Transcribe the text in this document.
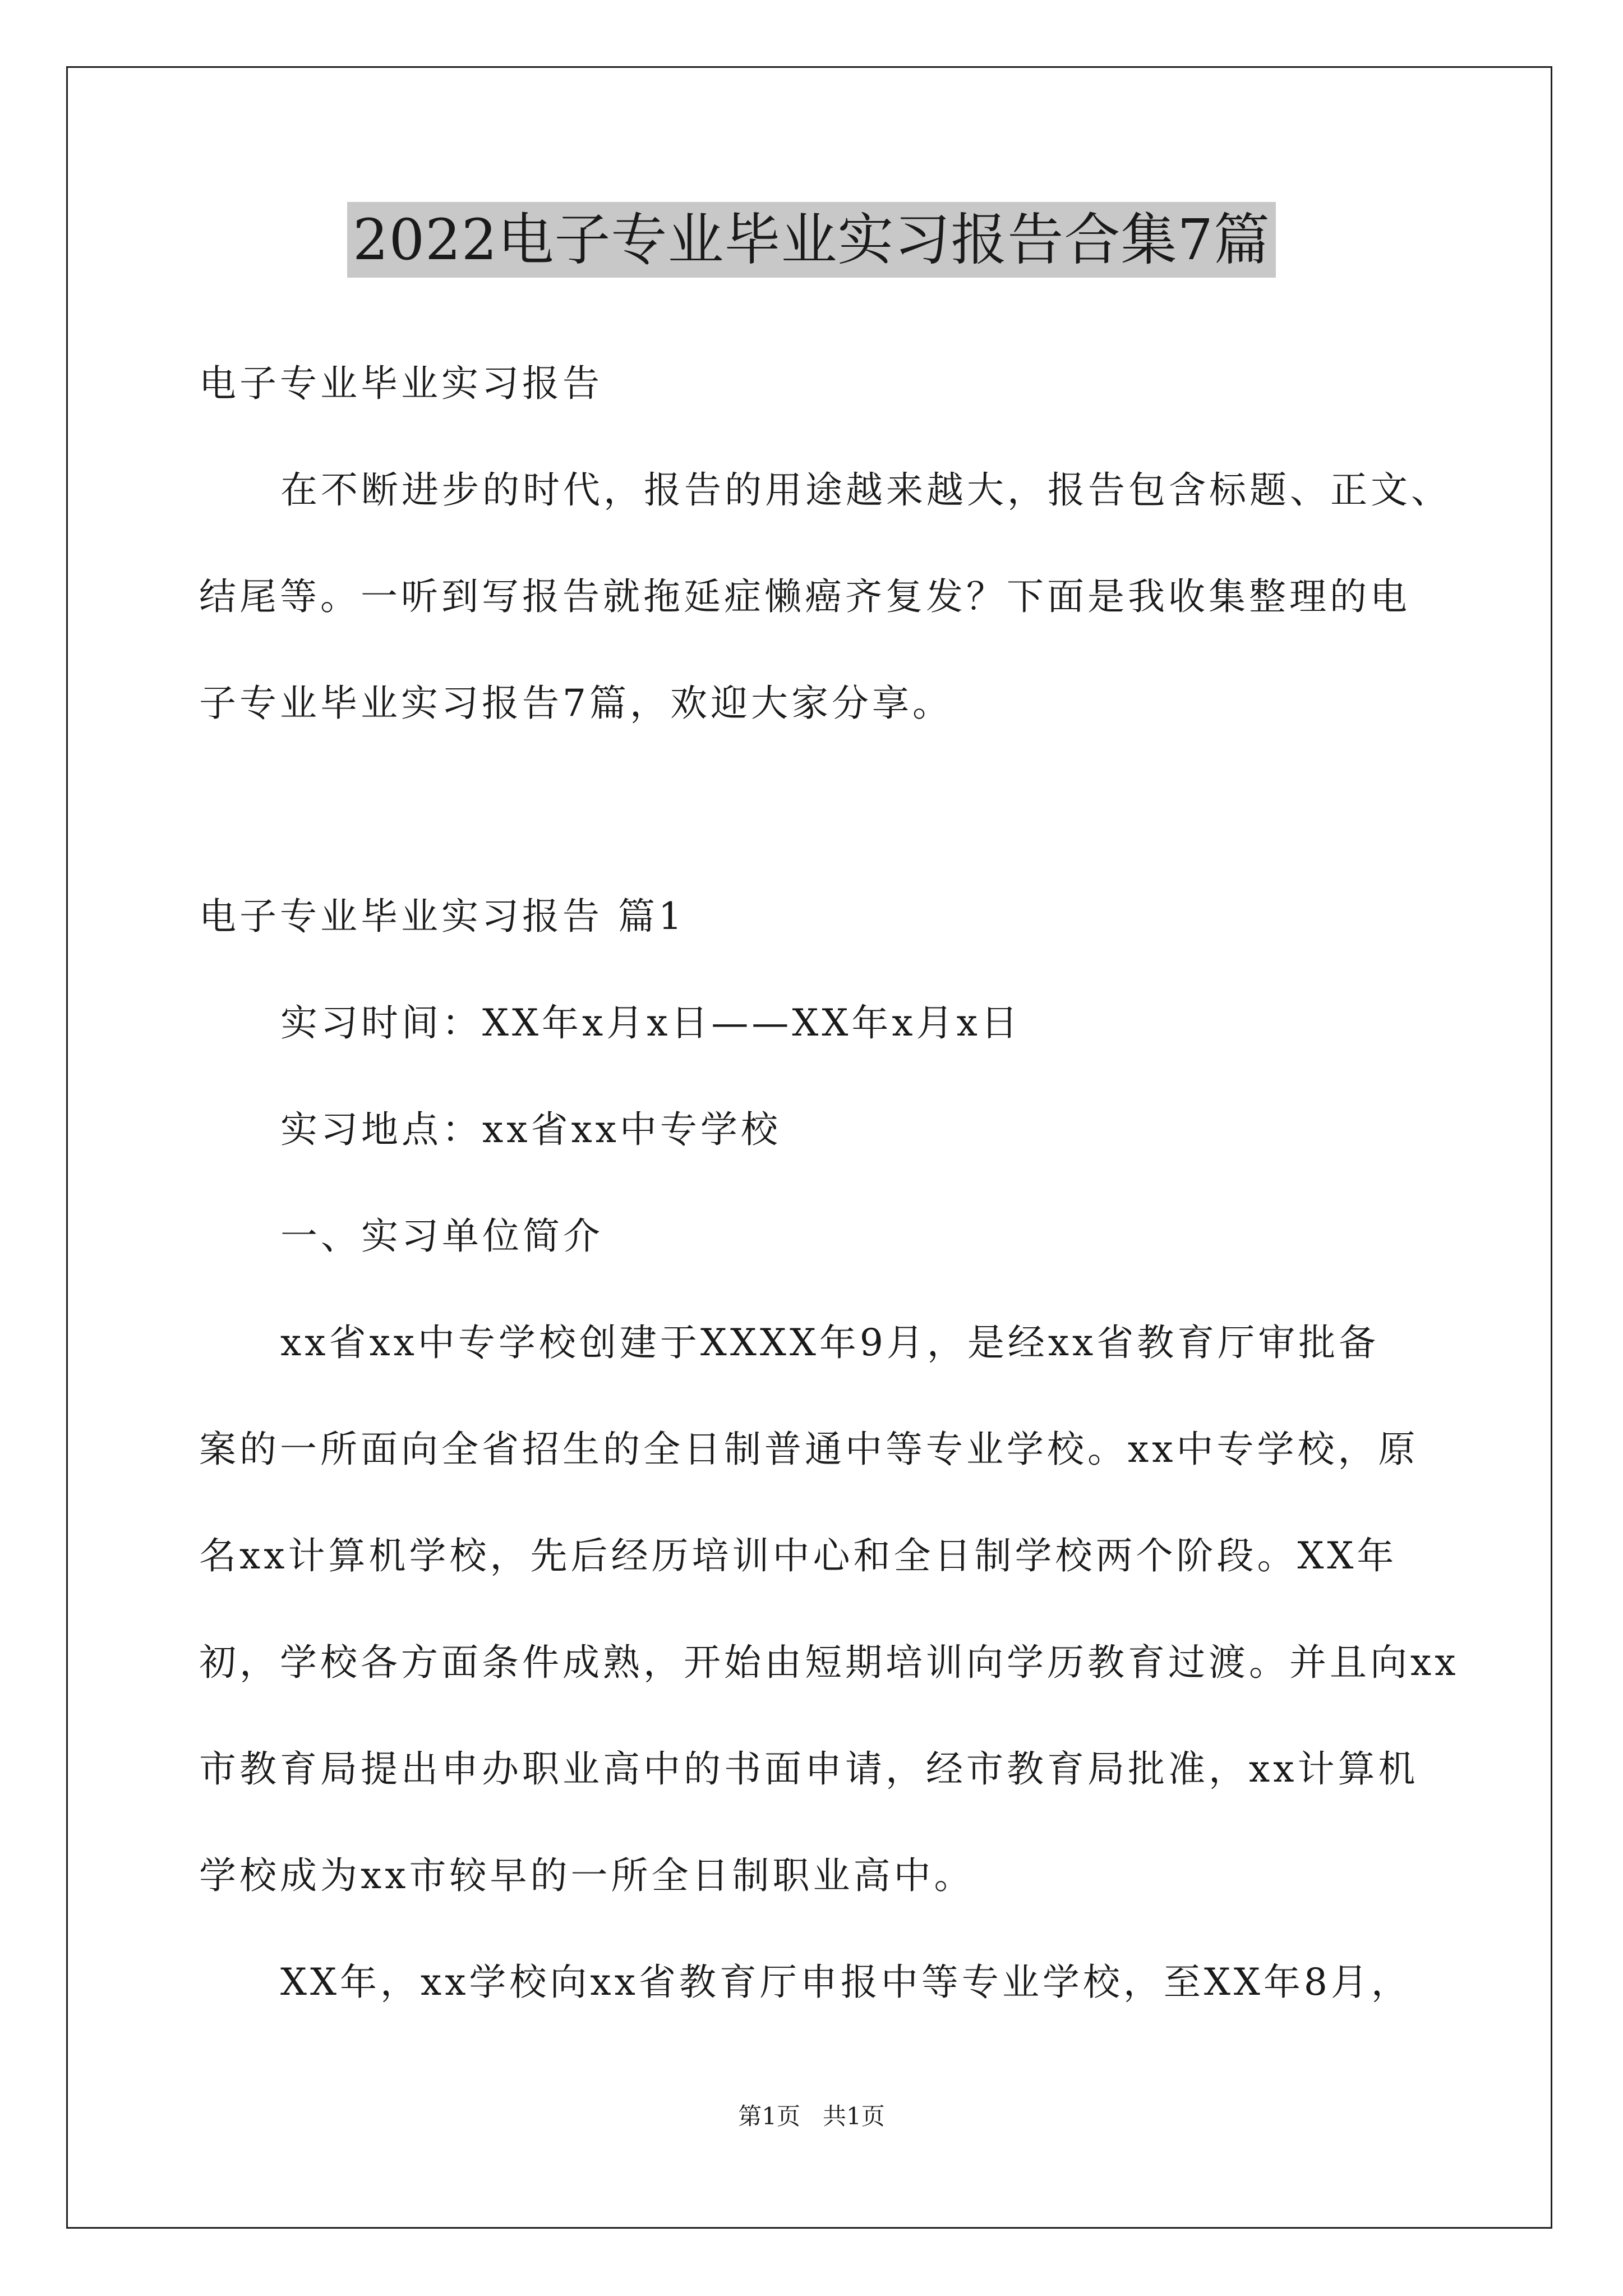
2022电子专业毕业实习报告合集7篇
电子专业毕业实习报告
在不断进步的时代，报告的用途越来越大，报告包含标题、正文、
结尾等。一听到写报告就拖延症懒癌齐复发？下面是我收集整理的电
子专业毕业实习报告7篇，欢迎大家分享。
电子专业毕业实习报告 篇1
实习时间：XX年x月x日——XX年x月x日
实习地点：xx省xx中专学校
一、实习单位简介
xx省xx中专学校创建于XXXX年9月，是经xx省教育厅审批备
案的一所面向全省招生的全日制普通中等专业学校。xx中专学校，原
名xx计算机学校，先后经历培训中心和全日制学校两个阶段。XX年
初，学校各方面条件成熟，开始由短期培训向学历教育过渡。并且向xx
市教育局提出申办职业高中的书面申请，经市教育局批准，xx计算机
学校成为xx市较早的一所全日制职业高中。
XX年，xx学校向xx省教育厅申报中等专业学校，至XX年8月，
第1页   共1页
